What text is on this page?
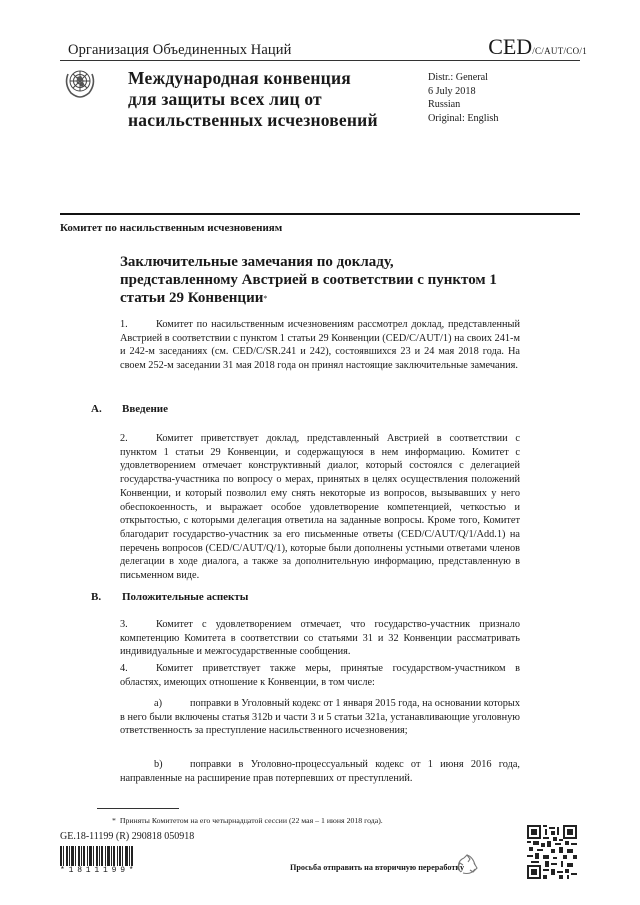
Организация Объединенных Наций	CED/C/AUT/CO/1
Международная конвенция
для защиты всех лиц от
насильственных исчезновений
Distr.: General
6 July 2018
Russian
Original: English
Комитет по насильственным исчезновениям
Заключительные замечания по докладу,
представленному Австрией в соответствии с пунктом 1
статьи 29 Конвенции*
1.	Комитет по насильственным исчезновениям рассмотрел доклад, представленный Австрией в соответствии с пунктом 1 статьи 29 Конвенции (CED/C/AUT/1) на своих 241-м и 242-м заседаниях (см. CED/C/SR.241 и 242), состоявшихся 23 и 24 мая 2018 года. На своем 252-м заседании 31 мая 2018 года он принял настоящие заключительные замечания.
A. Введение
2.	Комитет приветствует доклад, представленный Австрией в соответствии с пунктом 1 статьи 29 Конвенции, и содержащуюся в нем информацию. Комитет с удовлетворением отмечает конструктивный диалог, который состоялся с делегацией государства-участника по вопросу о мерах, принятых в целях осуществления положений Конвенции, и который позволил ему снять некоторые из вопросов, вызывавших у него обеспокоенность, и выражает особое удовлетворение компетенцией, четкостью и открытостью, с которыми делегация ответила на заданные вопросы. Кроме того, Комитет благодарит государство-участник за его письменные ответы (CED/C/AUT/Q/1/Add.1) на перечень вопросов (CED/C/AUT/Q/1), которые были дополнены устными ответами членов делегации в ходе диалога, а также за дополнительную информацию, представленную в письменном виде.
B. Положительные аспекты
3.	Комитет с удовлетворением отмечает, что государство-участник признало компетенцию Комитета в соответствии со статьями 31 и 32 Конвенции рассматривать индивидуальные и межгосударственные сообщения.
4.	Комитет приветствует также меры, принятые государством-участником в областях, имеющих отношение к Конвенции, в том числе:
a)	поправки в Уголовный кодекс от 1 января 2015 года, на основании которых в него были включены статья 312b и части 3 и 5 статьи 321a, устанавливающие уголовную ответственность за преступление насильственного исчезновения;
b)	поправки в Уголовно-процессуальный кодекс от 1 июня 2016 года, направленные на расширение прав потерпевших от преступлений.
* Приняты Комитетом на его четырнадцатой сессии (22 мая – 1 июня 2018 года).
GE.18-11199 (R) 290818 050918
*1811199*	Просьба отправить на вторичную переработку
